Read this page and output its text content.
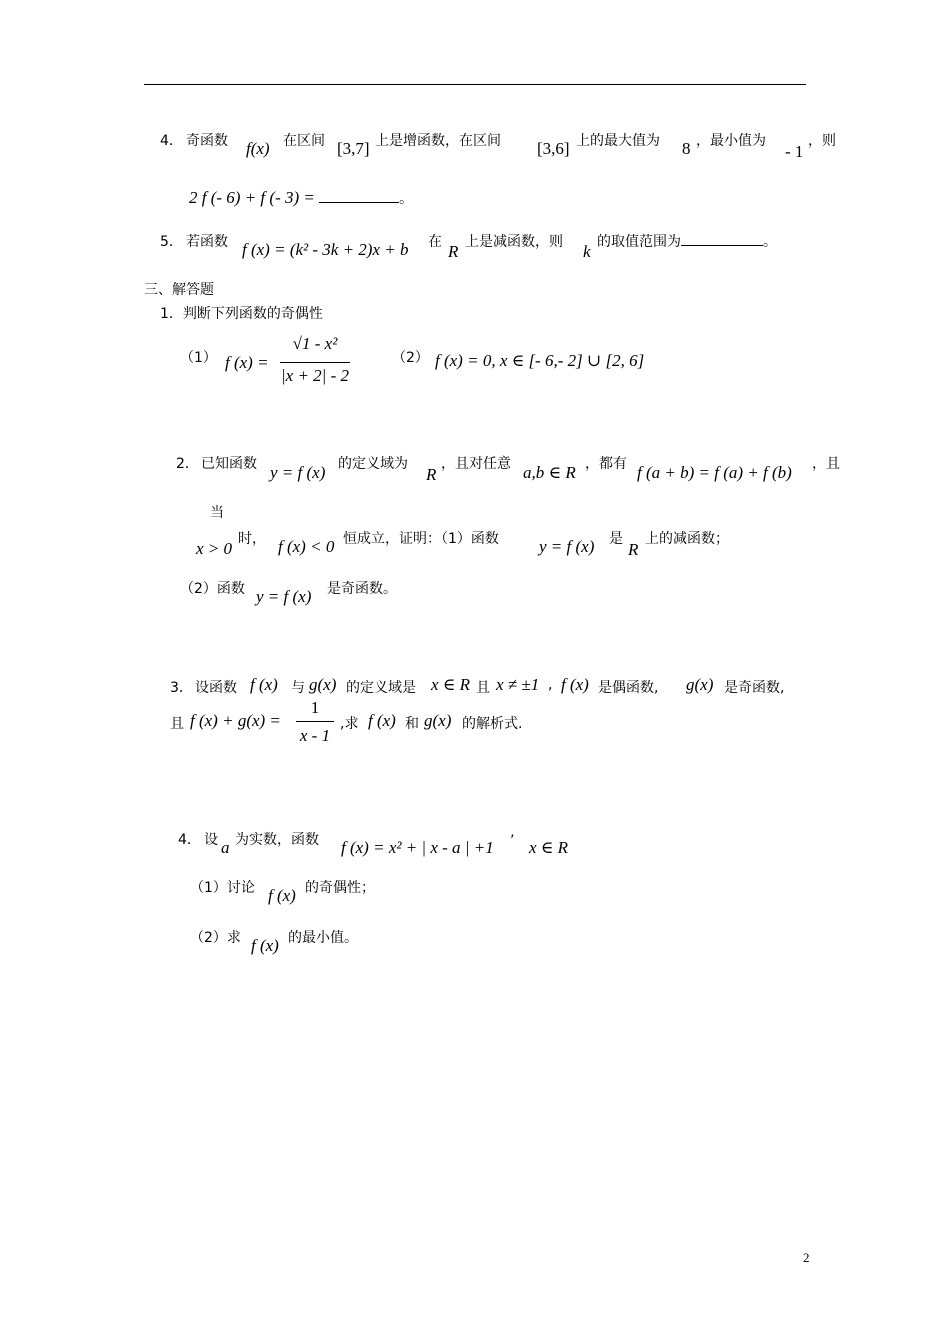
4． 奇函数 f(x) 在区间 [3,7] 上是增函数，在区间 [3,6] 上的最大值为 8 ，最小值为
- 1
，则
2 f (- 6) + f (- 3) =	。
5． 若函数 f (x) = (k² - 3k + 2)x + b 在 R 上是减函数，则 k 的取值范围为	。
三、解答题
1．判断下列函数的奇偶性
（1） f (x) =
√1 - x²
|x + 2| - 2
（2） f (x) = 0, x ∈ [- 6,- 2] ∪ [2, 6]
2． 已知函数 y = f (x) 的定义域为
R
，且对任意 a,b ∈ R ，都有 f (a + b) = f (a) + f (b) ，且
当
x > 0 时， f (x) < 0 恒成立，证明：（1）函数 y = f (x) 是
R
上的减函数；
（2）函数 y = f (x) 是奇函数。
3． 设函数 f (x) 与 g(x) 的定义域是 x ∈ R 且 x ≠ ±1 , f (x) 是偶函数, g(x) 是奇函数,
且 f (x) + g(x) =
1
x - 1
,求 f (x) 和 g(x) 的解析式.
4． 设 a 为实数，函数 f (x) = x² + | x - a | +1 ’ x ∈ R
（1）讨论 f (x) 的奇偶性；
（2）求 f (x) 的最小值。
2
